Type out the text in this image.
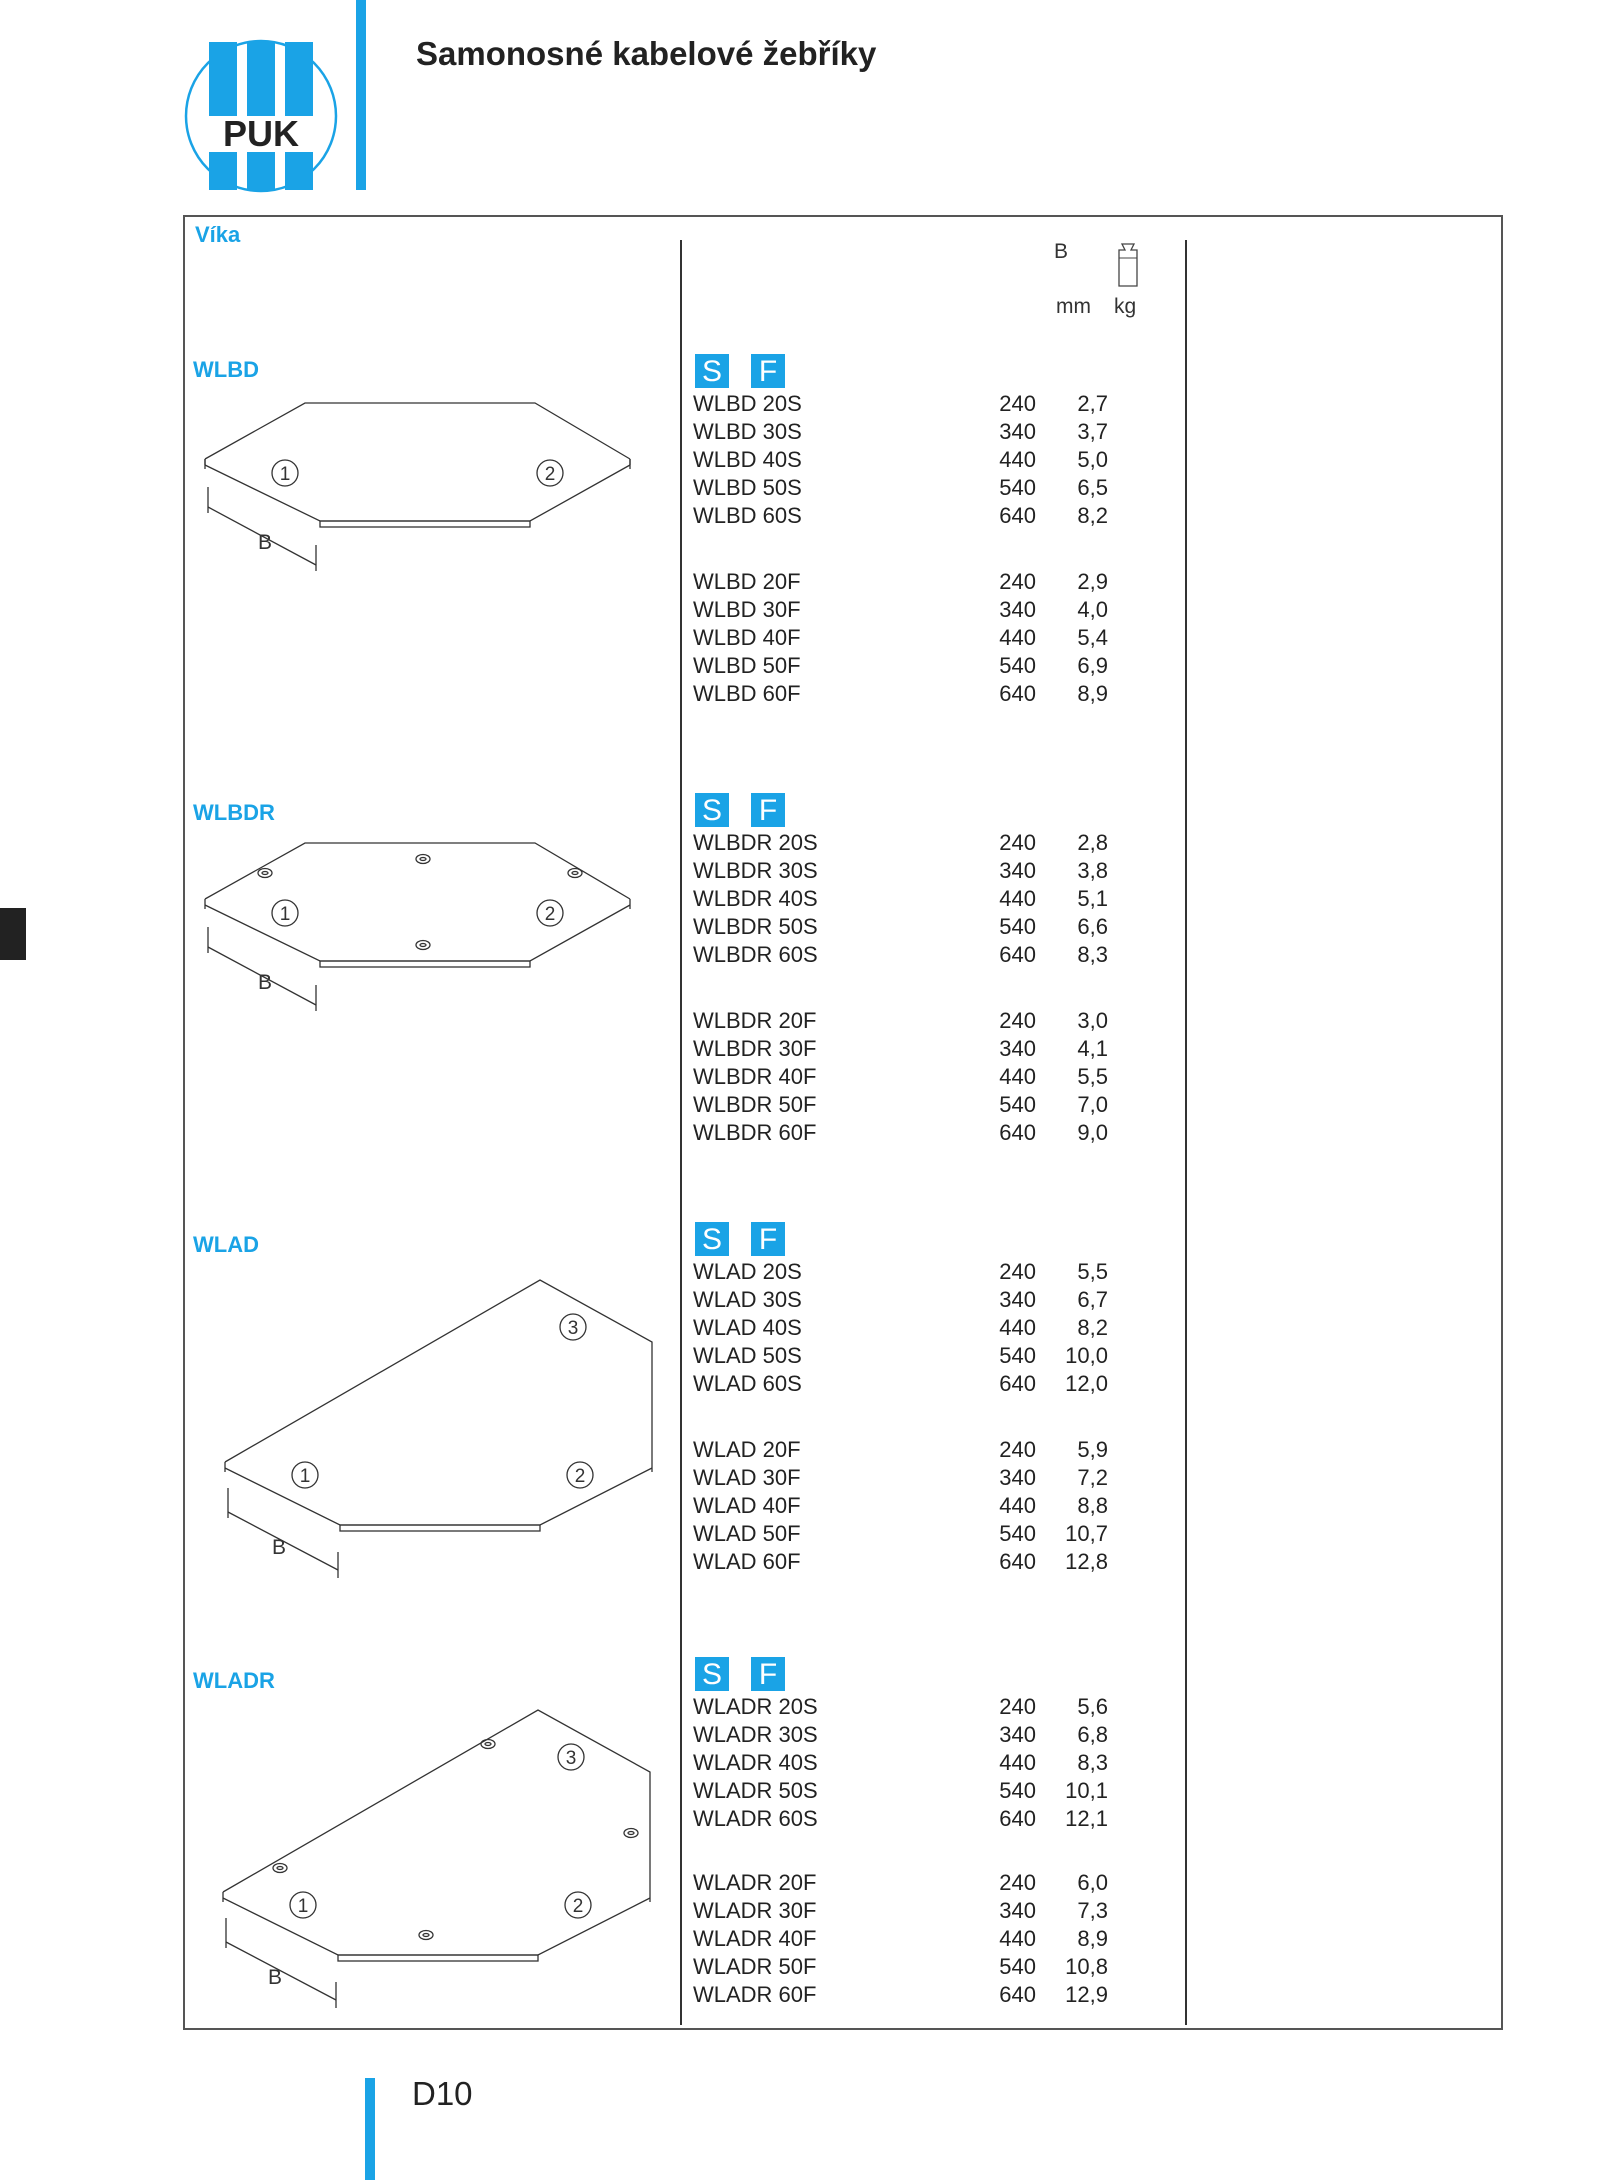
PUK
Samonosné kabelové žebříky
Víka
B
mm kg
WLBD
1	2
B
S F
WLBD 20S	240 2,7
WLBD 30S	340 3,7
WLBD 40S	440 5,0
WLBD 50S	540 6,5
WLBD 60S	640 8,2
WLBD 20F	240 2,9
WLBD 30F	340 4,0
WLBD 40F	440 5,4
WLBD 50F	540 6,9
WLBD 60F	640 8,9
WLBDR
1	2
B
S F
WLBDR 20S	240 2,8
WLBDR 30S	340 3,8
WLBDR 40S	440 5,1
WLBDR 50S	540 6,6
WLBDR 60S	640 8,3
WLBDR 20F	240 3,0
WLBDR 30F	340 4,1
WLBDR 40F	440 5,5
WLBDR 50F	540 7,0
WLBDR 60F	640 9,0
WLAD
1	2
3
B
S F
WLAD 20S	240 5,5
WLAD 30S	340 6,7
WLAD 40S	440 8,2
WLAD 50S	540 10,0
WLAD 60S	640 12,0
WLAD 20F	240 5,9
WLAD 30F	340 7,2
WLAD 40F	440 8,8
WLAD 50F	540 10,7
WLAD 60F	640 12,8
WLADR
1	2
3
B
S F
WLADR 20S	240 5,6
WLADR 30S	340 6,8
WLADR 40S	440 8,3
WLADR 50S	540 10,1
WLADR 60S	640 12,1
WLADR 20F	240 6,0
WLADR 30F	340 7,3
WLADR 40F	440 8,9
WLADR 50F	540 10,8
WLADR 60F	640 12,9
D10
